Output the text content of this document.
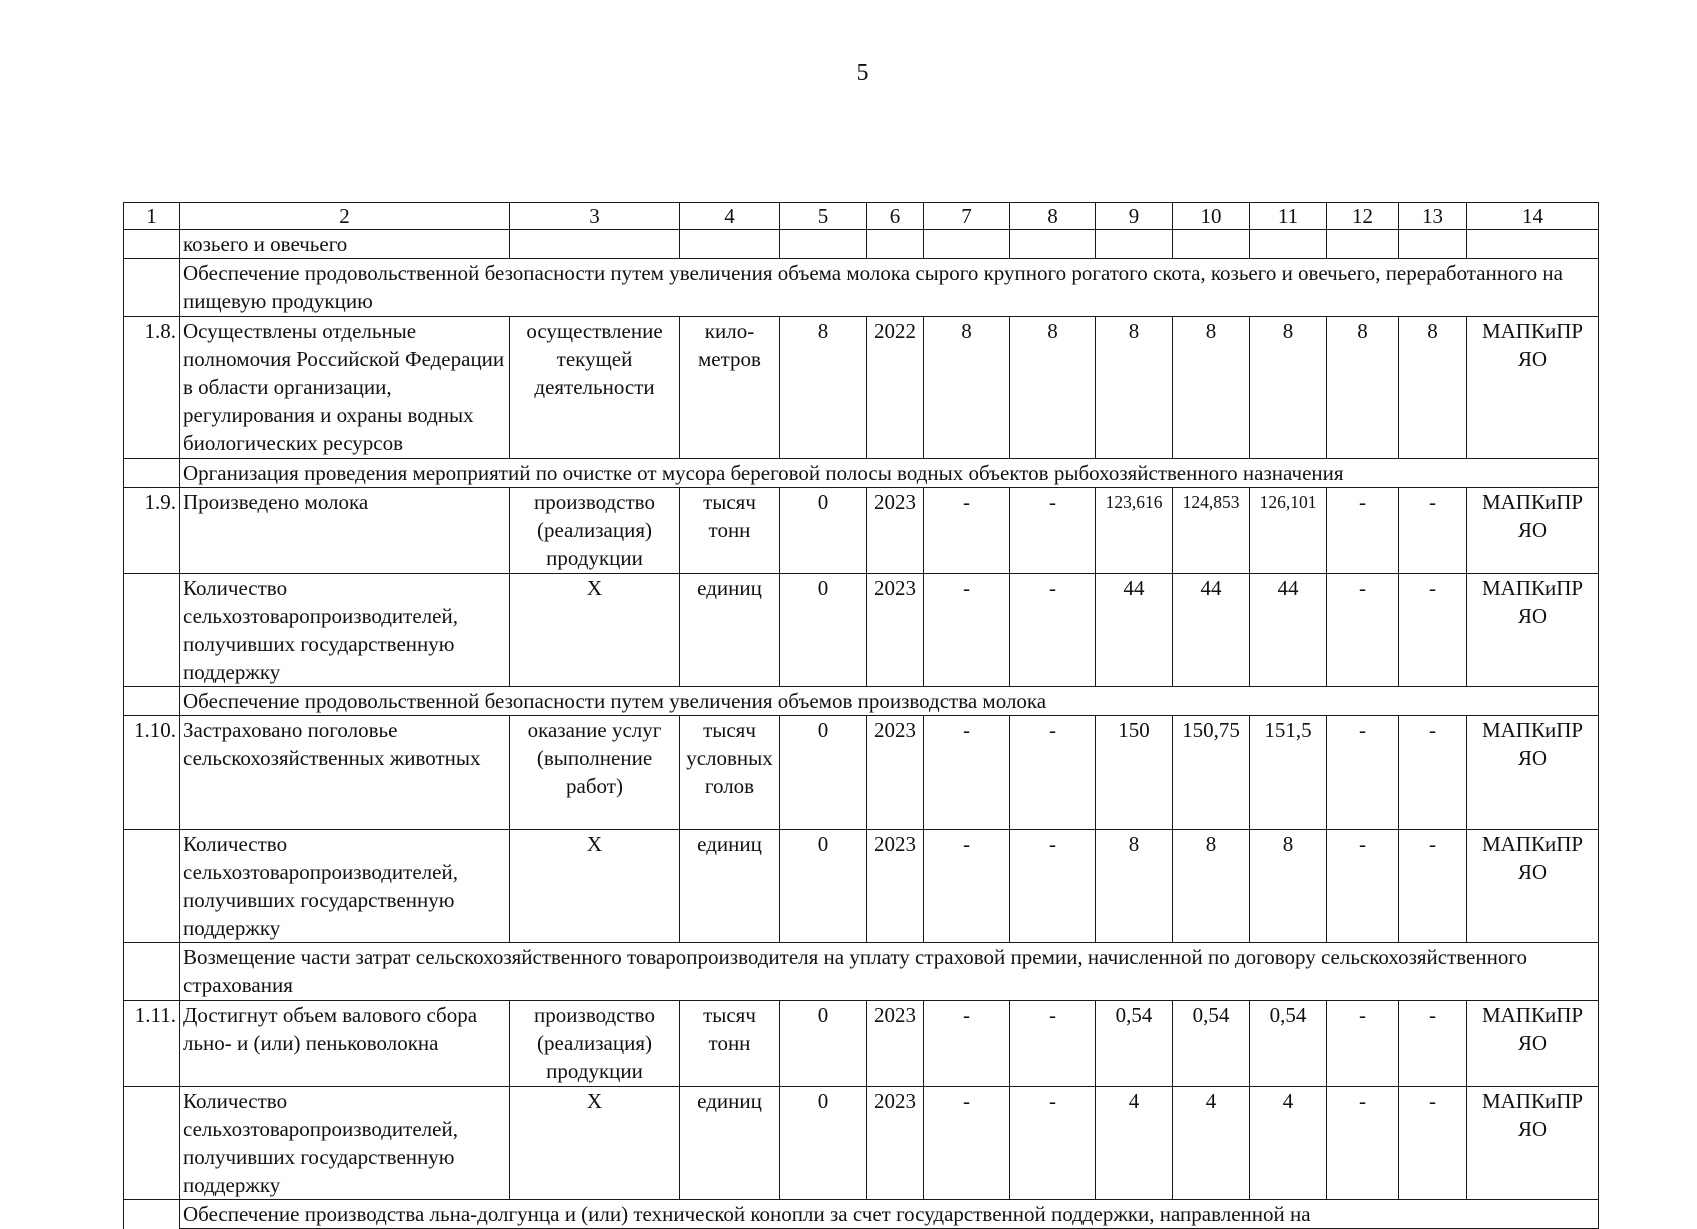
5
1	2	3	4	5	6	7	8	9	10	11	12	13	14
	козьего и овечьего												
	Обеспечение продовольственной безопасности путем увеличения объема молока сырого крупного рогатого скота, козьего и овечьего, переработанного на пищевую продукцию												
1.8.	Осуществлены отдельные полномочия Российской Федерации в области организации, регулирования и охраны водных биологических ресурсов	осуществление текущей деятельности	кило-метров	8	2022	8	8	8	8	8	8	8	МАПКиПР ЯО
	Организация проведения мероприятий по очистке от мусора береговой полосы водных объектов рыбохозяйственного назначения												
1.9.	Произведено молока	производство (реализация) продукции	тысяч тонн	0	2023	-	-	123,616	124,853	126,101	-	-	МАПКиПР ЯО
	Количество сельхозтоваропроизводителей, получивших государственную поддержку	Х	единиц	0	2023	-	-	44	44	44	-	-	МАПКиПР ЯО
	Обеспечение продовольственной безопасности путем увеличения объемов производства молока												
1.10.	Застраховано поголовье сельскохозяйственных животных	оказание услуг (выполнение работ)	тысяч условных голов	0	2023	-	-	150	150,75	151,5	-	-	МАПКиПР ЯО
	Количество сельхозтоваропроизводителей, получивших государственную поддержку	Х	единиц	0	2023	-	-	8	8	8	-	-	МАПКиПР ЯО
	Возмещение части затрат сельскохозяйственного товаропроизводителя на уплату страховой премии, начисленной по договору сельскохозяйственного страхования												
1.11.	Достигнут объем валового сбора льно- и (или) пеньковолокна	производство (реализация) продукции	тысяч тонн	0	2023	-	-	0,54	0,54	0,54	-	-	МАПКиПР ЯО
	Количество сельхозтоваропроизводителей, получивших государственную поддержку	Х	единиц	0	2023	-	-	4	4	4	-	-	МАПКиПР ЯО
	Обеспечение производства льна-долгунца и (или) технической конопли за счет государственной поддержки, направленной на												
